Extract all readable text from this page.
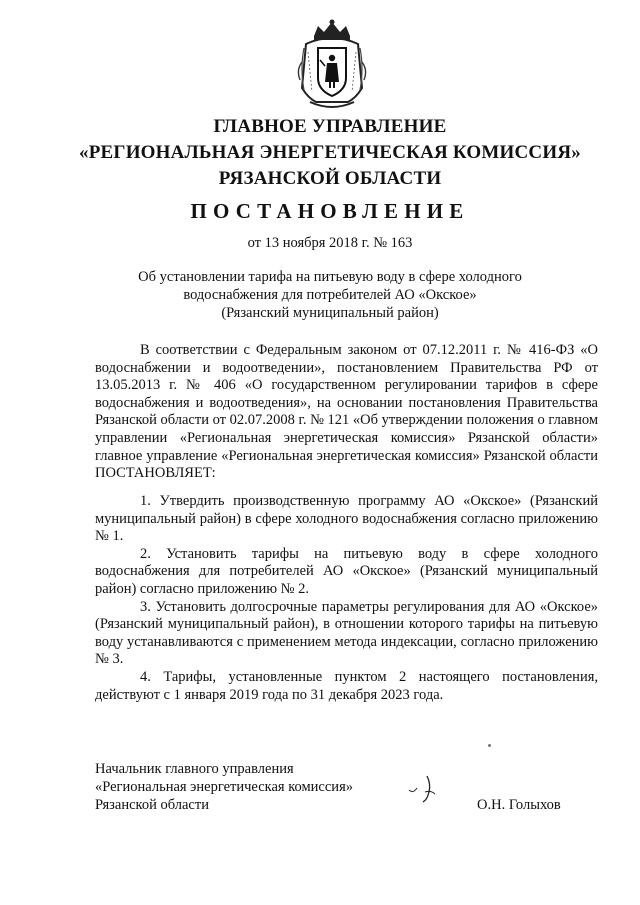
ГЛАВНОЕ УПРАВЛЕНИЕ
«РЕГИОНАЛЬНАЯ ЭНЕРГЕТИЧЕСКАЯ КОМИССИЯ»
РЯЗАНСКОЙ ОБЛАСТИ
ПОСТАНОВЛЕНИЕ
от 13 ноября 2018 г. № 163
Об установлении тарифа на питьевую воду в сфере холодного
водоснабжения для потребителей АО «Окское»
(Рязанский муниципальный район)
В соответствии с Федеральным законом от 07.12.2011 г. № 416-ФЗ «О водоснабжении и водоотведении», постановлением Правительства РФ от 13.05.2013 г. № 406 «О государственном регулировании тарифов в сфере водоснабжения и водоотведения», на основании постановления Правительства Рязанской области от 02.07.2008 г. № 121 «Об утверждении положения о главном управлении «Региональная энергетическая комиссия» Рязанской области» главное управление «Региональная энергетическая комиссия» Рязанской области ПОСТАНОВЛЯЕТ:
1. Утвердить производственную программу АО «Окское» (Рязанский муниципальный район) в сфере холодного водоснабжения согласно приложению № 1.
2. Установить тарифы на питьевую воду в сфере холодного водоснабжения для потребителей АО «Окское» (Рязанский муниципальный район) согласно приложению № 2.
3. Установить долгосрочные параметры регулирования для АО «Окское» (Рязанский муниципальный район), в отношении которого тарифы на питьевую воду устанавливаются с применением метода индексации, согласно приложению № 3.
4. Тарифы, установленные пунктом 2 настоящего постановления, действуют с 1 января 2019 года по 31 декабря 2023 года.
Начальник главного управления
«Региональная энергетическая комиссия»
Рязанской области	О.Н. Голыхов
